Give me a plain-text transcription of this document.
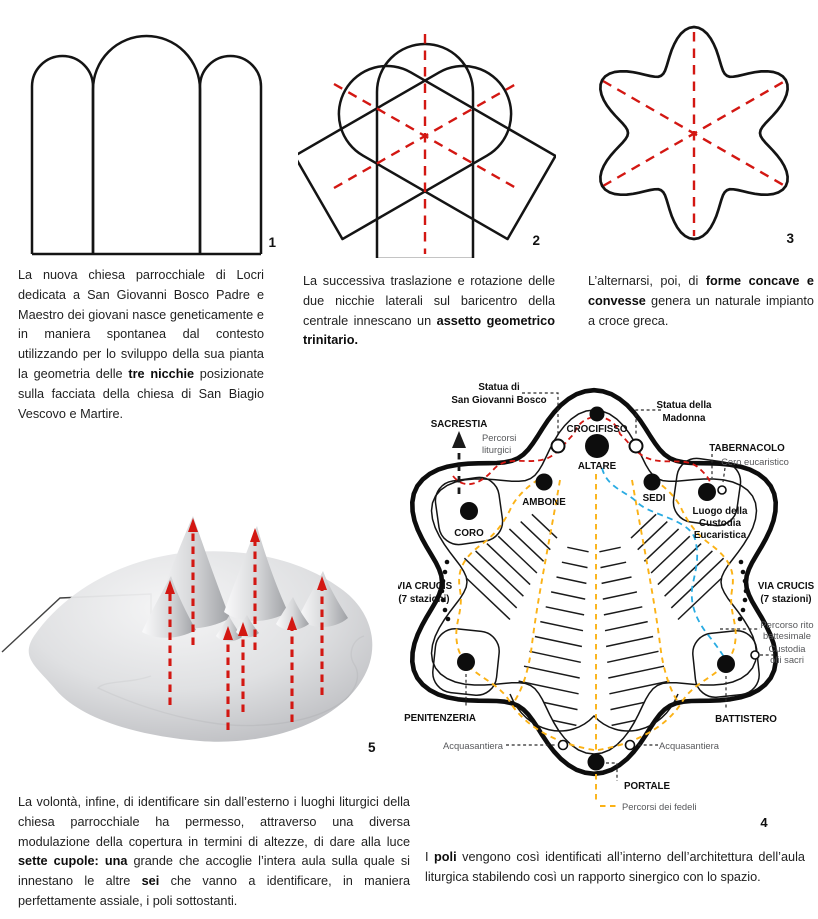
1	2	3

La nuova chiesa parrocchiale di Locri dedicata a San Giovanni Bosco Padre e Maestro dei giovani nasce geneticamente e in maniera spontanea dal contesto utilizzando per lo sviluppo della sua pianta la geometria delle tre nicchie posizionate sulla facciata della chiesa di San Biagio Vescovo e Martire.

La successiva traslazione e rotazione delle due nicchie laterali sul baricentro della centrale innescano un assetto geometrico trinitario.

L’alternarsi, poi, di forme concave e convesse genera un naturale impianto a croce greca.

5

La volontà, infine, di identificare sin dall’esterno i luoghi liturgici della chiesa parrocchiale ha permesso, attraverso una diversa modulazione della copertura in termini di altezze, di dare alla luce sette cupole: una grande che accoglie l’intera aula sulla quale si innestano le altre sei che vanno a identificare, in maniera perfettamente assiale, i poli sottostanti.

I poli vengono così identificati all’interno dell’architettura dell’aula liturgica stabilendo così un rapporto sinergico con lo spazio.

SACRESTIA
Percorsi
liturgici
Statua di
San Giovanni Bosco	Statua della
Madonna
CROCIFISSO
ALTARE
TABERNACOLO
Cero eucaristico
AMBONE	SEDI
CORO
Luogo della
Custodia
Eucaristica
VIA CRUCIS
(7 stazioni)
VIA CRUCIS
(7 stazioni)
Percorso rito
battesimale
Custodia
olii sacri
PENITENZERIA	BATTISTERO
Acquasantiera	Acquasantiera
PORTALE
Percorsi dei fedeli
4
